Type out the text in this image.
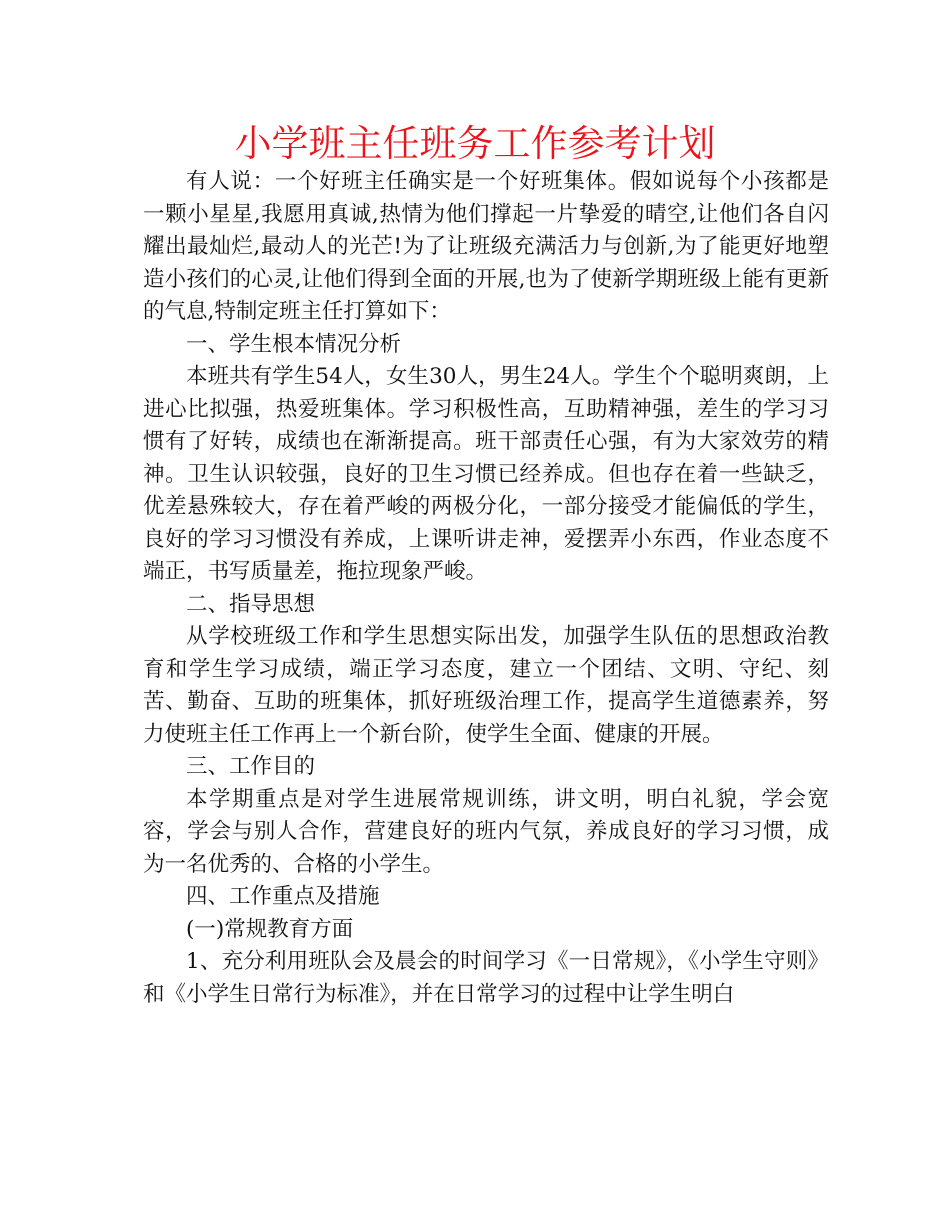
小学班主任班务工作参考计划

有人说：一个好班主任确实是一个好班集体。假如说每个小孩都是一颗小星星,我愿用真诚,热情为他们撑起一片挚爱的晴空,让他们各自闪耀出最灿烂,最动人的光芒!为了让班级充满活力与创新,为了能更好地塑造小孩们的心灵,让他们得到全面的开展,也为了使新学期班级上能有更新的气息,特制定班主任打算如下：

一、学生根本情况分析

本班共有学生54人，女生30人，男生24人。学生个个聪明爽朗，上进心比拟强，热爱班集体。学习积极性高，互助精神强，差生的学习习惯有了好转，成绩也在渐渐提高。班干部责任心强，有为大家效劳的精神。卫生认识较强，良好的卫生习惯已经养成。但也存在着一些缺乏，优差悬殊较大，存在着严峻的两极分化，一部分接受才能偏低的学生，良好的学习习惯没有养成，上课听讲走神，爱摆弄小东西，作业态度不端正，书写质量差，拖拉现象严峻。

二、指导思想

从学校班级工作和学生思想实际出发，加强学生队伍的思想政治教育和学生学习成绩，端正学习态度，建立一个团结、文明、守纪、刻苦、勤奋、互助的班集体，抓好班级治理工作，提高学生道德素养，努力使班主任工作再上一个新台阶，使学生全面、健康的开展。

三、工作目的

本学期重点是对学生进展常规训练，讲文明，明白礼貌，学会宽容，学会与别人合作，营建良好的班内气氛，养成良好的学习习惯，成为一名优秀的、合格的小学生。

四、工作重点及措施

(一)常规教育方面

1、充分利用班队会及晨会的时间学习《一日常规》，《小学生守则》和《小学生日常行为标准》，并在日常学习的过程中让学生明白
